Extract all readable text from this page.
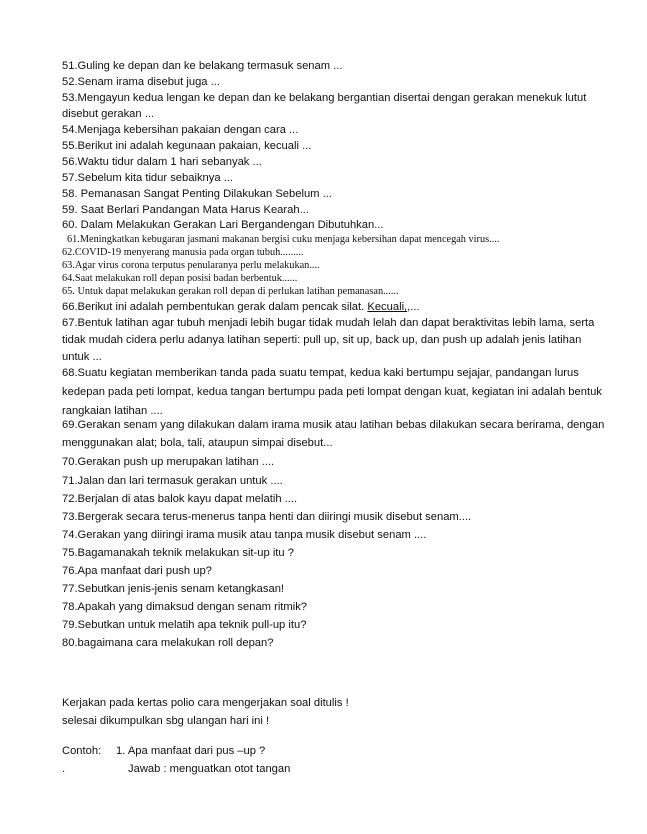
51.Guling ke depan dan ke belakang termasuk senam ...
52.Senam irama disebut juga ...
53.Mengayun kedua lengan ke depan dan ke belakang bergantian disertai dengan gerakan menekuk lutut disebut gerakan ...
54.Menjaga kebersihan pakaian dengan cara ...
55.Berikut ini adalah kegunaan pakaian, kecuali ...
56.Waktu tidur dalam 1 hari sebanyak ...
57.Sebelum kita tidur sebaiknya ...
58. Pemanasan Sangat Penting Dilakukan Sebelum ...
59. Saat Berlari Pandangan Mata Harus Kearah...
60. Dalam Melakukan Gerakan Lari Bergandengan Dibutuhkan...
61.Meningkatkan kebugaran jasmani makanan bergisi cuku menjaga kebersihan dapat mencegah virus....
62.COVID-19 menyerang manusia pada organ tubuh.........
63.Agar virus corona terputus penularanya perlu melakukan....
64.Saat melakukan roll depan posisi badan berbentuk......
65. Untuk dapat melakukan gerakan roll depan di perlukan latihan pemanasan......
66.Berikut ini adalah pembentukan gerak dalam pencak silat. Kecuali,,...
67.Bentuk latihan agar tubuh menjadi lebih bugar tidak mudah lelah dan dapat beraktivitas lebih lama, serta tidak mudah cidera perlu adanya latihan seperti: pull up, sit up, back up, dan push up adalah jenis latihan untuk ...
68.Suatu kegiatan memberikan tanda pada suatu tempat, kedua kaki bertumpu sejajar, pandangan lurus kedepan pada peti lompat, kedua tangan bertumpu pada peti lompat dengan kuat, kegiatan ini adalah bentuk rangkaian latihan ....
69.Gerakan senam yang dilakukan dalam irama musik atau latihan bebas dilakukan secara berirama, dengan menggunakan alat; bola, tali, ataupun simpai disebut...
70.Gerakan push up merupakan latihan ....
71.Jalan dan lari termasuk gerakan untuk ....
72.Berjalan di atas balok kayu dapat melatih ....
73.Bergerak secara terus-menerus tanpa henti dan diiringi musik disebut senam....
74.Gerakan yang diiringi irama musik atau tanpa musik disebut senam ....
75.Bagamanakah teknik melakukan sit-up itu ?
76.Apa manfaat dari push up?
77.Sebutkan jenis-jenis senam ketangkasan!
78.Apakah yang dimaksud dengan senam ritmik?
79.Sebutkan untuk melatih apa teknik pull-up itu?
80.bagaimana cara melakukan roll depan?
Kerjakan pada kertas polio cara mengerjakan soal ditulis !
selesai dikumpulkan sbg ulangan hari ini !
Contoh: 1. Apa manfaat dari pus –up ?
.	Jawab : menguatkan otot tangan
